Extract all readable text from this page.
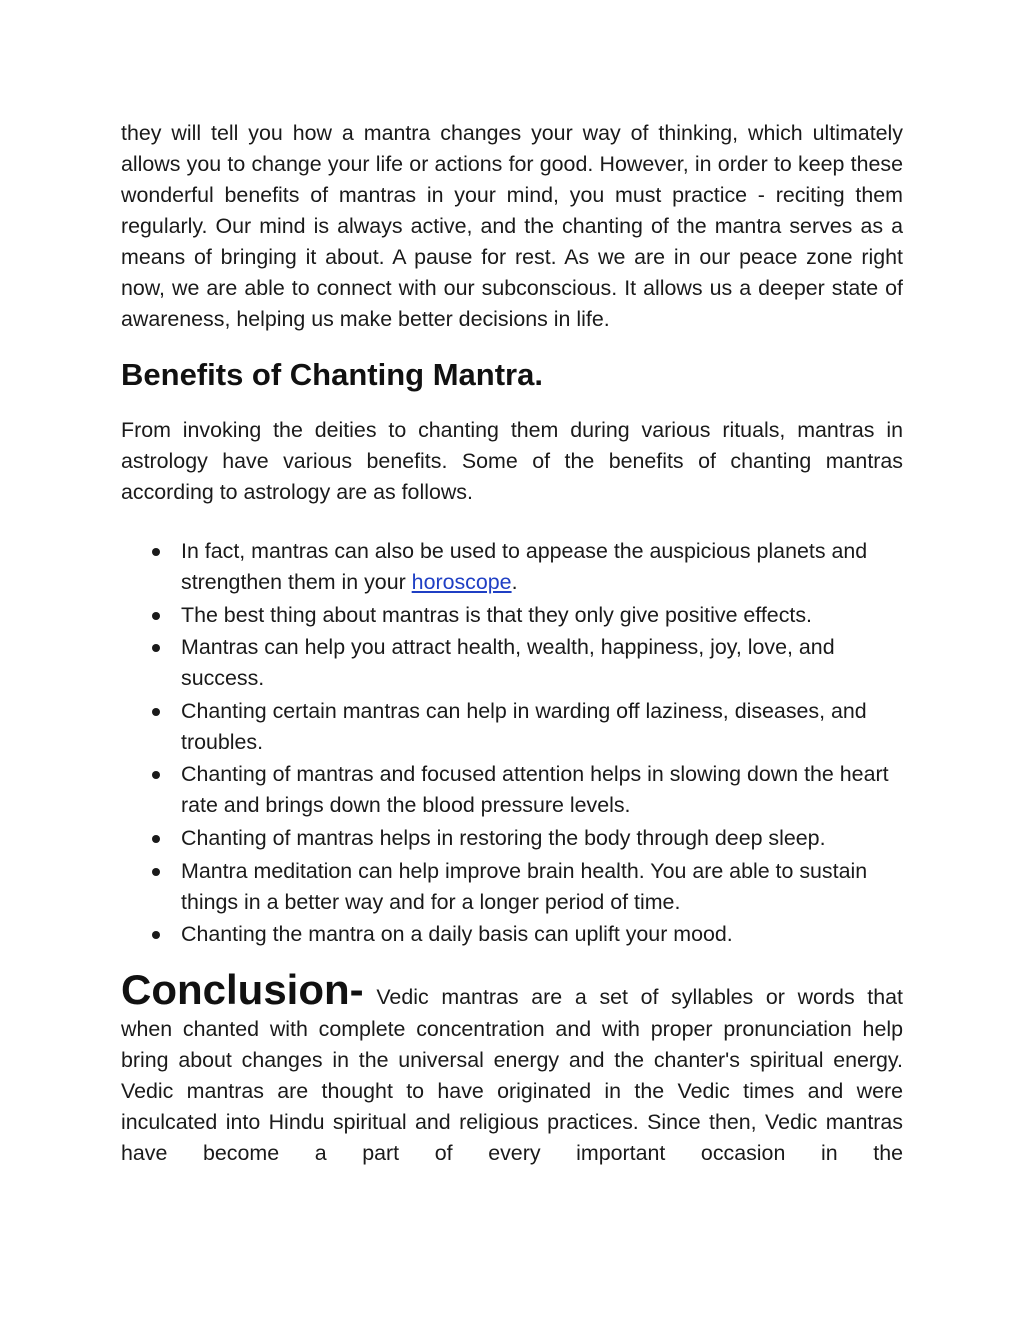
they will tell you how a mantra changes your way of thinking, which ultimately allows you to change your life or actions for good. However, in order to keep these wonderful benefits of mantras in your mind, you must practice - reciting them regularly. Our mind is always active, and the chanting of the mantra serves as a means of bringing it about. A pause for rest. As we are in our peace zone right now, we are able to connect with our subconscious. It allows us a deeper state of awareness, helping us make better decisions in life.

Benefits of Chanting Mantra.

From invoking the deities to chanting them during various rituals, mantras in astrology have various benefits. Some of the benefits of chanting mantras according to astrology are as follows.

In fact, mantras can also be used to appease the auspicious planets and strengthen them in your horoscope.
The best thing about mantras is that they only give positive effects.
Mantras can help you attract health, wealth, happiness, joy, love, and success.
Chanting certain mantras can help in warding off laziness, diseases, and troubles.
Chanting of mantras and focused attention helps in slowing down the heart rate and brings down the blood pressure levels.
Chanting of mantras helps in restoring the body through deep sleep.
Mantra meditation can help improve brain health. You are able to sustain things in a better way and for a longer period of time.
Chanting the mantra on a daily basis can uplift your mood.

Conclusion- Vedic mantras are a set of syllables or words that

when chanted with complete concentration and with proper pronunciation help bring about changes in the universal energy and the chanter's spiritual energy. Vedic mantras are thought to have originated in the Vedic times and were inculcated into Hindu spiritual and religious practices. Since then, Vedic mantras have become a part of every important occasion in the
